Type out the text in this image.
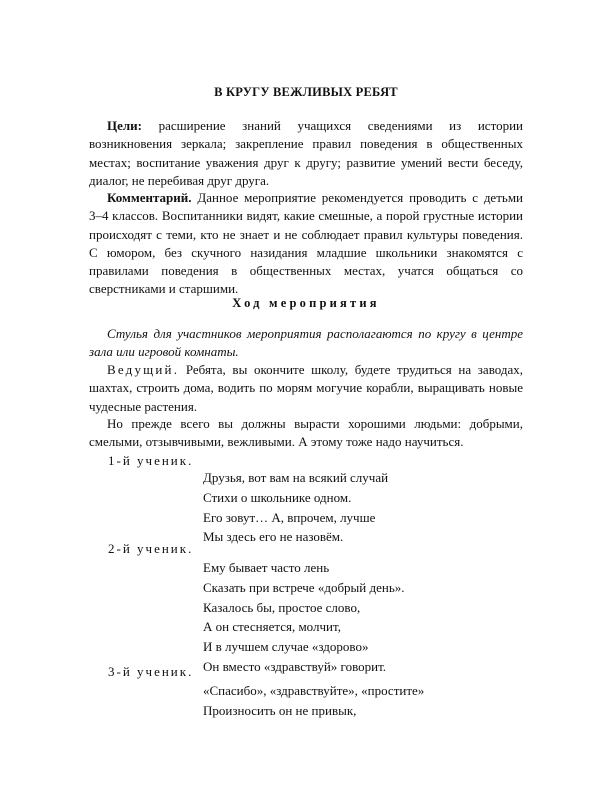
В КРУГУ ВЕЖЛИВЫХ РЕБЯТ
Цели: расширение знаний учащихся сведениями из истории возникновения зеркала; закрепление правил поведения в общественных местах; воспитание уважения друг к другу; развитие умений вести беседу, диалог, не перебивая друг друга.
Комментарий. Данное мероприятие рекомендуется проводить с детьми 3–4 классов. Воспитанники видят, какие смешные, а порой грустные истории происходят с теми, кто не знает и не соблюдает правил культуры поведения. С юмором, без скучного назидания младшие школьники знакомятся с правилами поведения в общественных местах, учатся общаться со сверстниками и старшими.
Ход мероприятия
Стулья для участников мероприятия располагаются по кругу в центре зала или игровой комнаты.
Ведущий. Ребята, вы окончите школу, будете трудиться на заводах, шахтах, строить дома, водить по морям могучие корабли, выращивать новые чудесные растения.
Но прежде всего вы должны вырасти хорошими людьми: добрыми, смелыми, отзывчивыми, вежливыми. А этому тоже надо научиться.
1-й ученик.
Друзья, вот вам на всякий случай
Стихи о школьнике одном.
Его зовут… А, впрочем, лучше
Мы здесь его не назовём.
2-й ученик.
Ему бывает часто лень
Сказать при встрече «добрый день».
Казалось бы, простое слово,
А он стесняется, молчит,
И в лучшем случае «здорово»
Он вместо «здравствуй» говорит.
3-й ученик.
«Спасибо», «здравствуйте», «простите»
Произносить он не привык,
